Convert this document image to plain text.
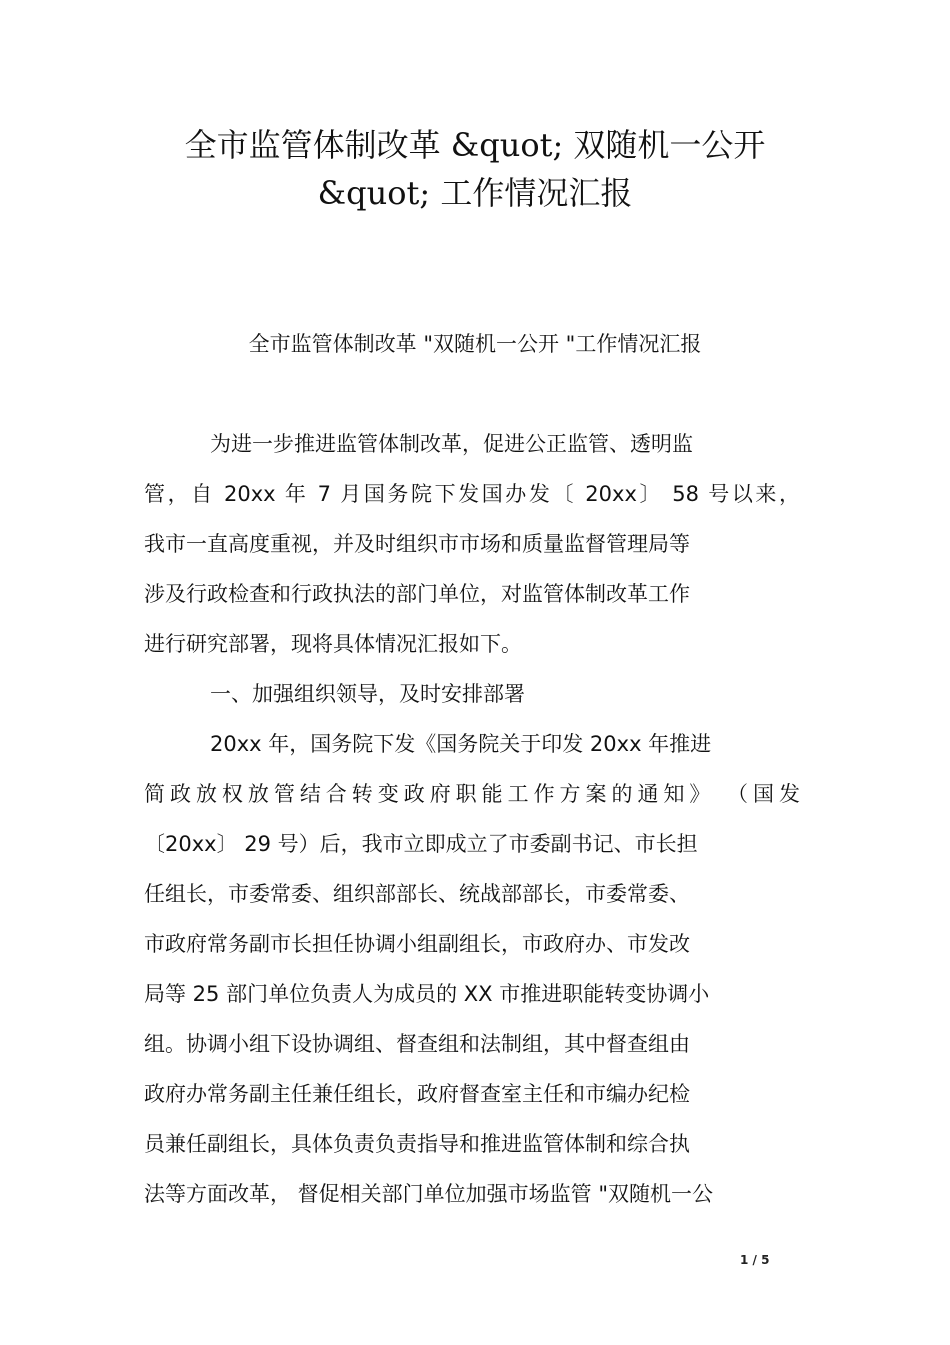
全市监管体制改革 &quot; 双随机一公开
&quot; 工作情况汇报
全市监管体制改革 "双随机一公开 "工作情况汇报
为进一步推进监管体制改革，促进公正监管、透明监
管，自 20xx 年 7 月国务院下发国办发〔 20xx〕 58 号以来，
我市一直高度重视，并及时组织市市场和质量监督管理局等
涉及行政检查和行政执法的部门单位，对监管体制改革工作
进行研究部署，现将具体情况汇报如下。
一、加强组织领导，及时安排部署
20xx 年，国务院下发《国务院关于印发 20xx 年推进
简政放权放管结合转变政府职能工作方案的通知》 （国发
〔20xx〕 29 号）后，我市立即成立了市委副书记、市长担
任组长，市委常委、组织部部长、统战部部长，市委常委、
市政府常务副市长担任协调小组副组长，市政府办、市发改
局等 25 部门单位负责人为成员的 XX 市推进职能转变协调小
组。协调小组下设协调组、督查组和法制组，其中督查组由
政府办常务副主任兼任组长，政府督查室主任和市编办纪检
员兼任副组长，具体负责负责指导和推进监管体制和综合执
法等方面改革， 督促相关部门单位加强市场监管 "双随机一公
1 / 5
